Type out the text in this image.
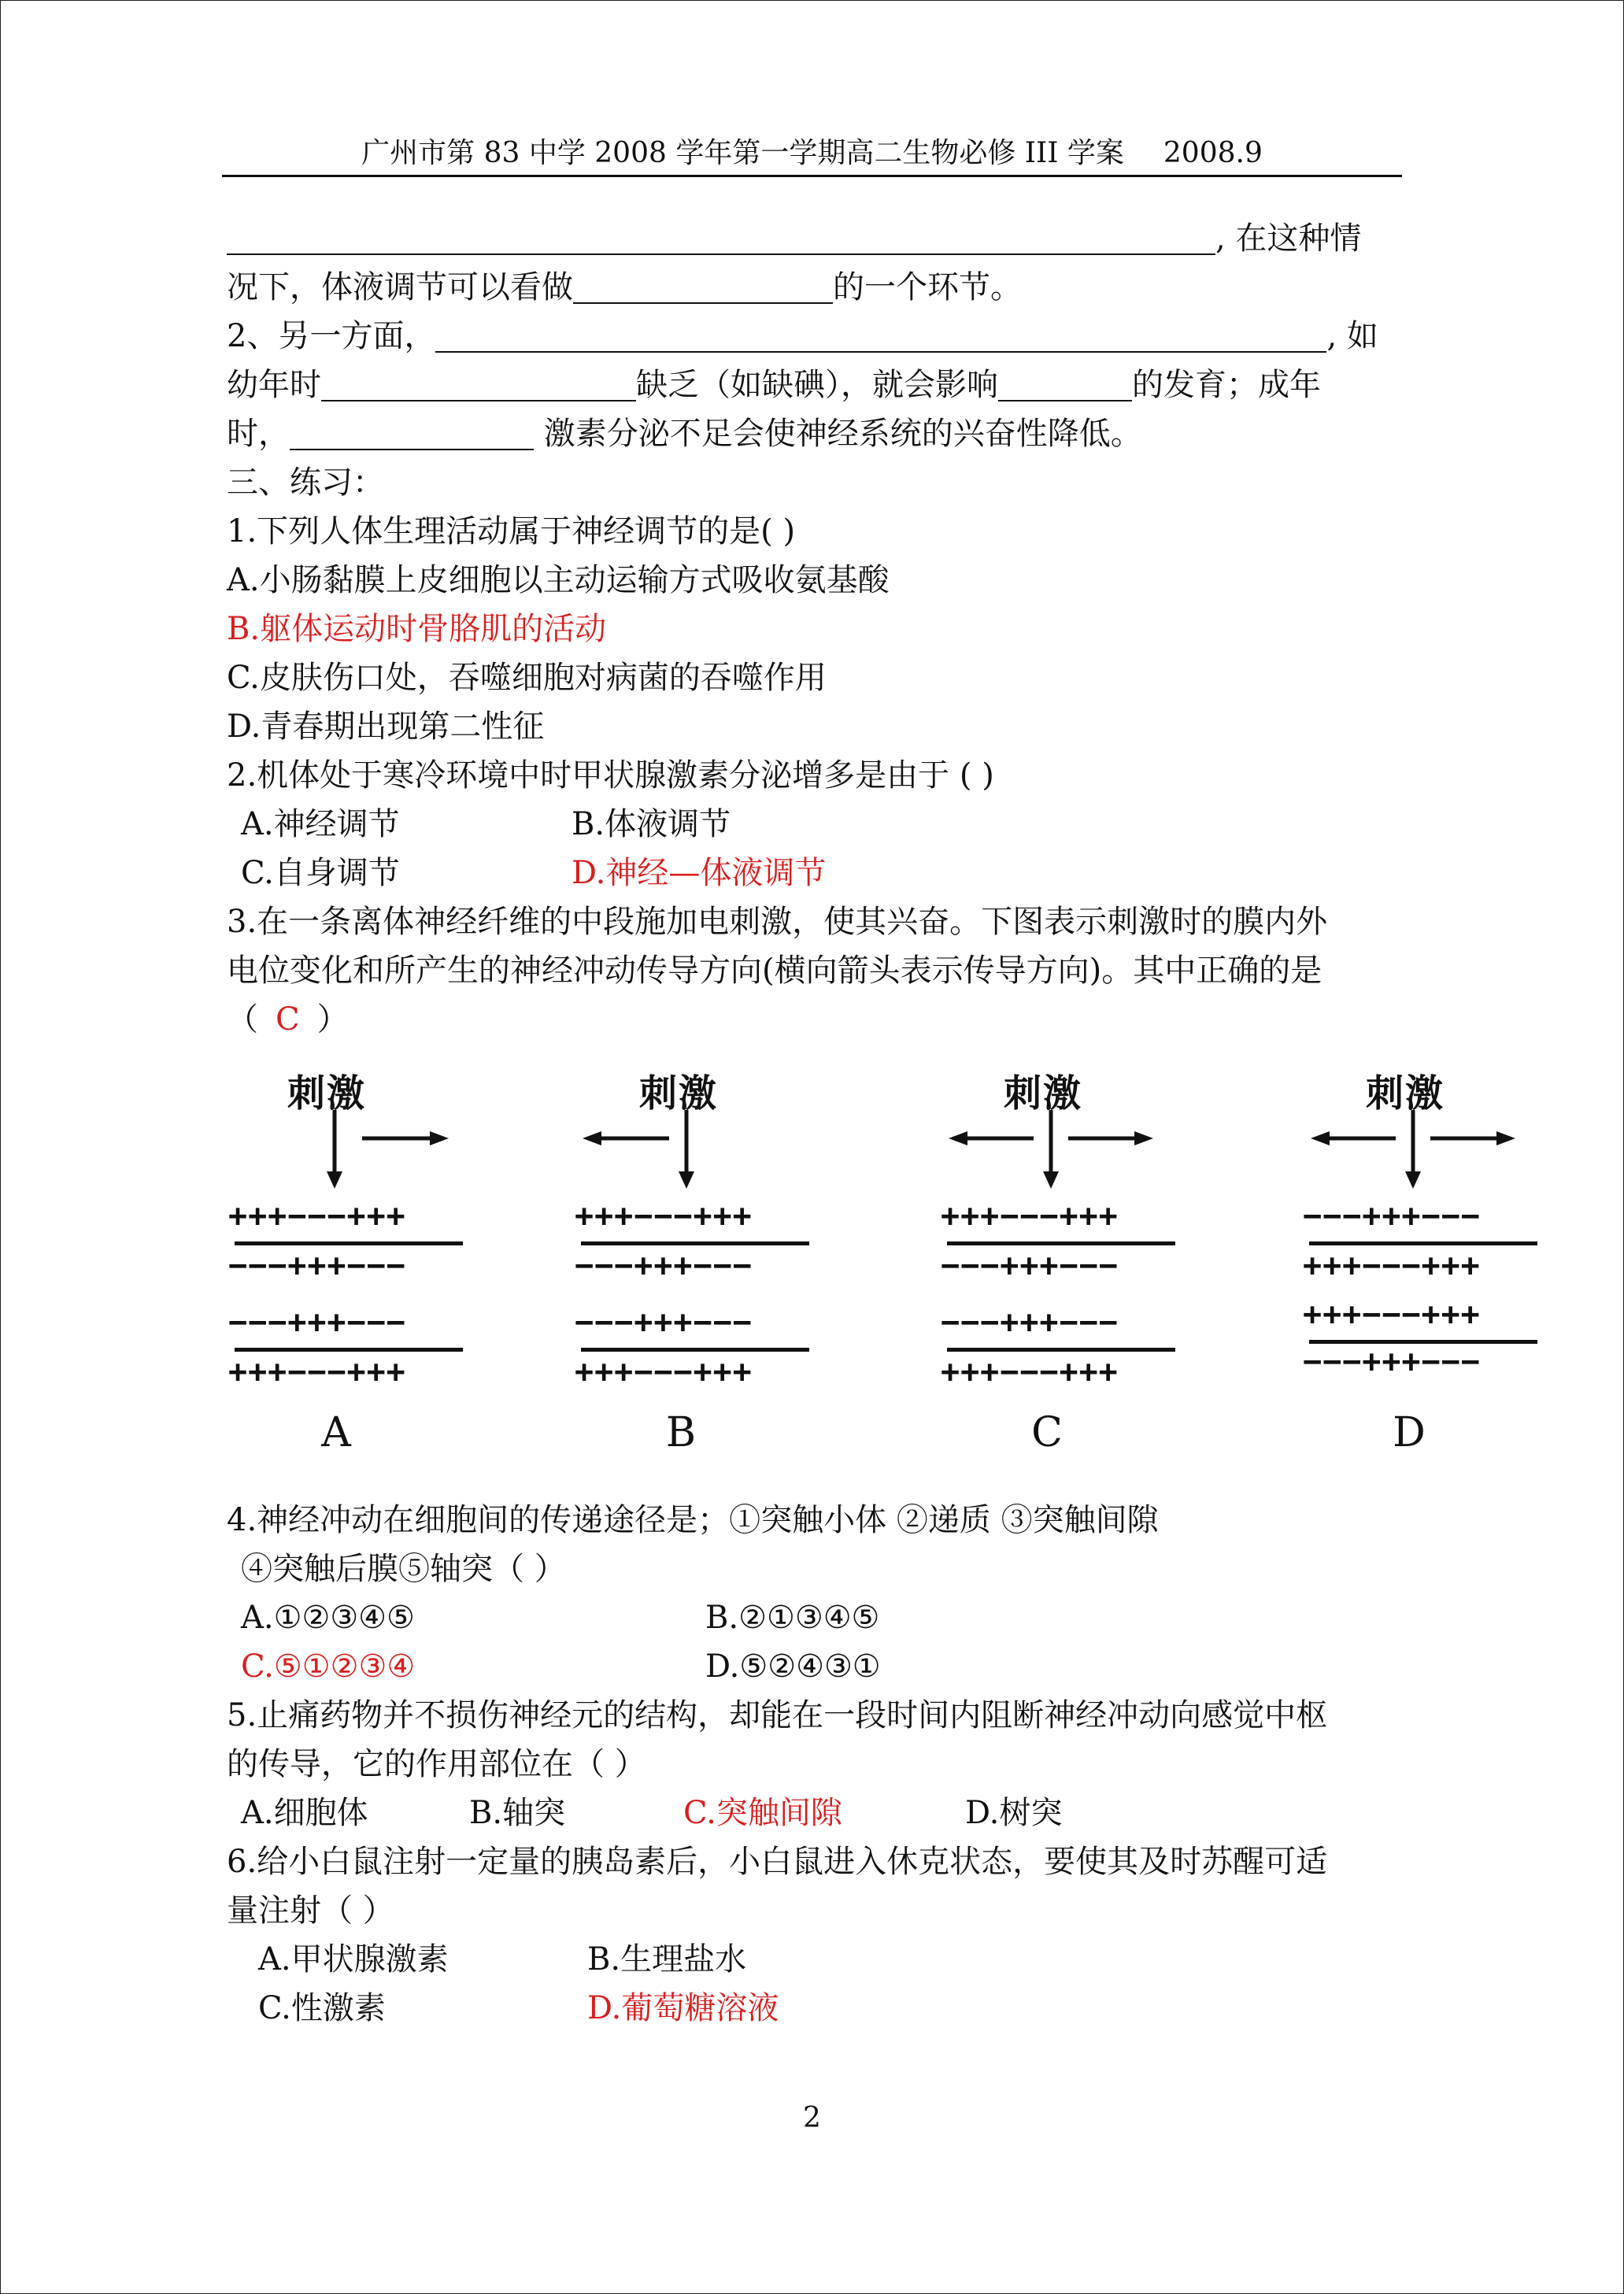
广州市第 83 中学 2008 学年第一学期高二生物必修 III 学案 2008.9
, 在这种情
况下，体液调节可以看做	的一个环节。
2、另一方面，	, 如
幼年时	缺乏（如缺碘），就会影响	的发育；成年
时，	激素分泌不足会使神经系统的兴奋性降低。
三、练习：
1.下列人体生理活动属于神经调节的是( )
A.小肠黏膜上皮细胞以主动运输方式吸收氨基酸
B.躯体运动时骨胳肌的活动
C.皮肤伤口处，吞噬细胞对病菌的吞噬作用
D.青春期出现第二性征
2.机体处于寒冷环境中时甲状腺激素分泌增多是由于 ( )
A.神经调节	B.体液调节
C.自身调节	D.神经—体液调节
3.在一条离体神经纤维的中段施加电刺激，使其兴奋。下图表示刺激时的膜内外
电位变化和所产生的神经冲动传导方向(横向箭头表示传导方向)。其中正确的是
（ C ）
刺激
+++−−−+++
−−−+++−−−
−−−+++−−−
+++−−−+++
A
刺激
+++−−−+++
−−−+++−−−
−−−+++−−−
+++−−−+++
B
刺激
+++−−−+++
−−−+++−−−
−−−+++−−−
+++−−−+++
C
刺激
−−−+++−−−
+++−−−+++
+++−−−+++
−−−+++−−−
D
4.神经冲动在细胞间的传递途径是；①突触小体 ②递质 ③突触间隙
④突触后膜⑤轴突（ ）
A.①②③④⑤	B.②①③④⑤
C.⑤①②③④	D.⑤②④③①
5.止痛药物并不损伤神经元的结构，却能在一段时间内阻断神经冲动向感觉中枢
的传导，它的作用部位在（ ）
A.细胞体	B.轴突	C.突触间隙	D.树突
6.给小白鼠注射一定量的胰岛素后，小白鼠进入休克状态，要使其及时苏醒可适
量注射（ ）
A.甲状腺激素	B.生理盐水
C.性激素	D.葡萄糖溶液
2
